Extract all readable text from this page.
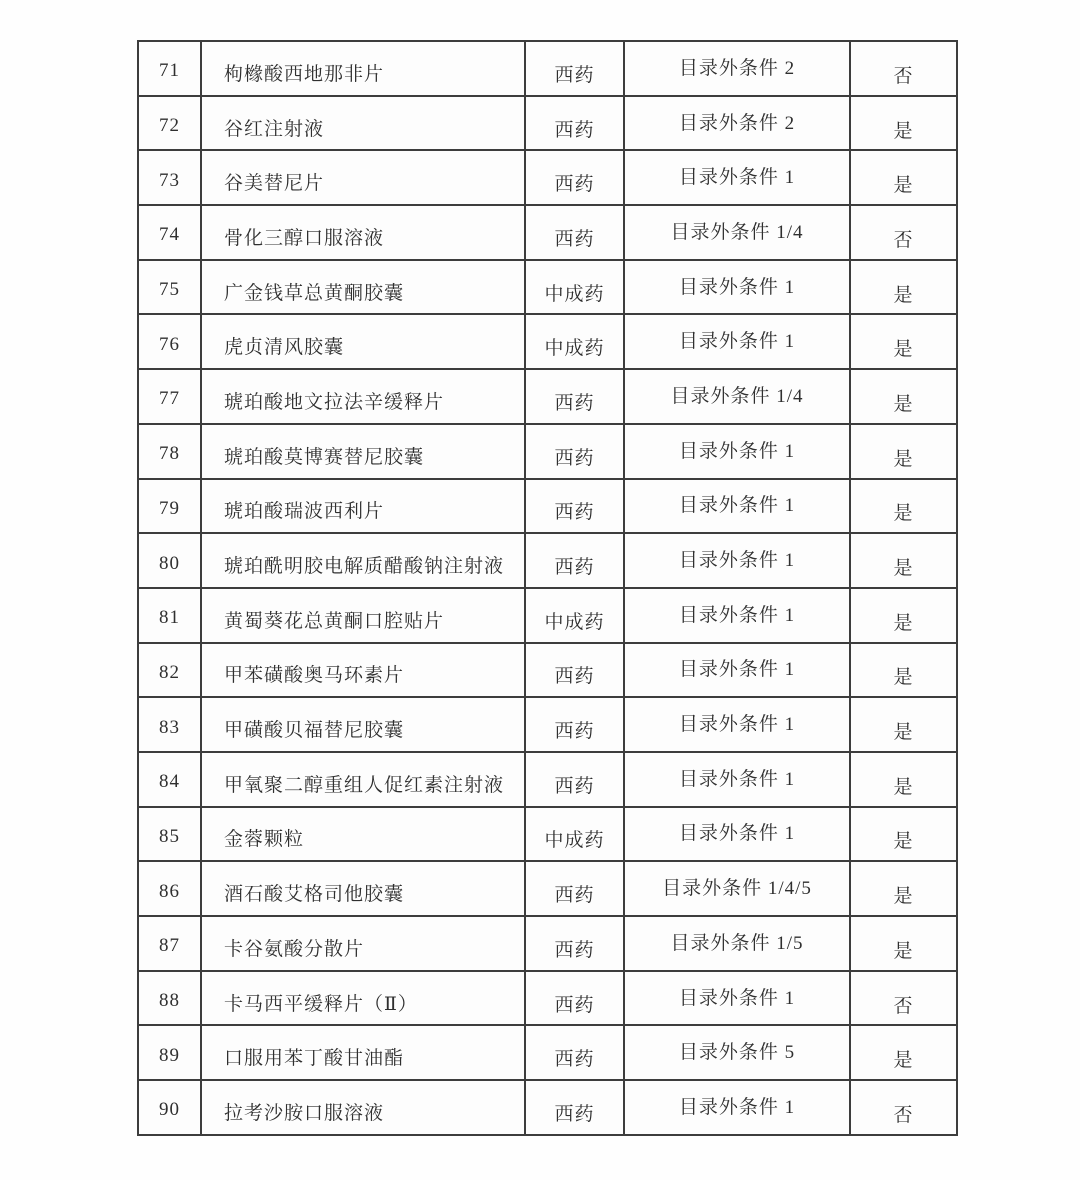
71	枸橼酸西地那非片	西药	目录外条件 2	否

72	谷红注射液	西药	目录外条件 2	是

73	谷美替尼片	西药	目录外条件 1	是

74	骨化三醇口服溶液	西药	目录外条件 1/4	否

75	广金钱草总黄酮胶囊	中成药	目录外条件 1	是

76	虎贞清风胶囊	中成药	目录外条件 1	是

77	琥珀酸地文拉法辛缓释片	西药	目录外条件 1/4	是

78	琥珀酸莫博赛替尼胶囊	西药	目录外条件 1	是

79	琥珀酸瑞波西利片	西药	目录外条件 1	是

80	琥珀酰明胶电解质醋酸钠注射液	西药	目录外条件 1	是

81	黄蜀葵花总黄酮口腔贴片	中成药	目录外条件 1	是

82	甲苯磺酸奥马环素片	西药	目录外条件 1	是

83	甲磺酸贝福替尼胶囊	西药	目录外条件 1	是

84	甲氧聚二醇重组人促红素注射液	西药	目录外条件 1	是

85	金蓉颗粒	中成药	目录外条件 1	是

86	酒石酸艾格司他胶囊	西药	目录外条件 1/4/5	是

87	卡谷氨酸分散片	西药	目录外条件 1/5	是

88	卡马西平缓释片（Ⅱ）	西药	目录外条件 1	否

89	口服用苯丁酸甘油酯	西药	目录外条件 5	是

90	拉考沙胺口服溶液	西药	目录外条件 1	否
